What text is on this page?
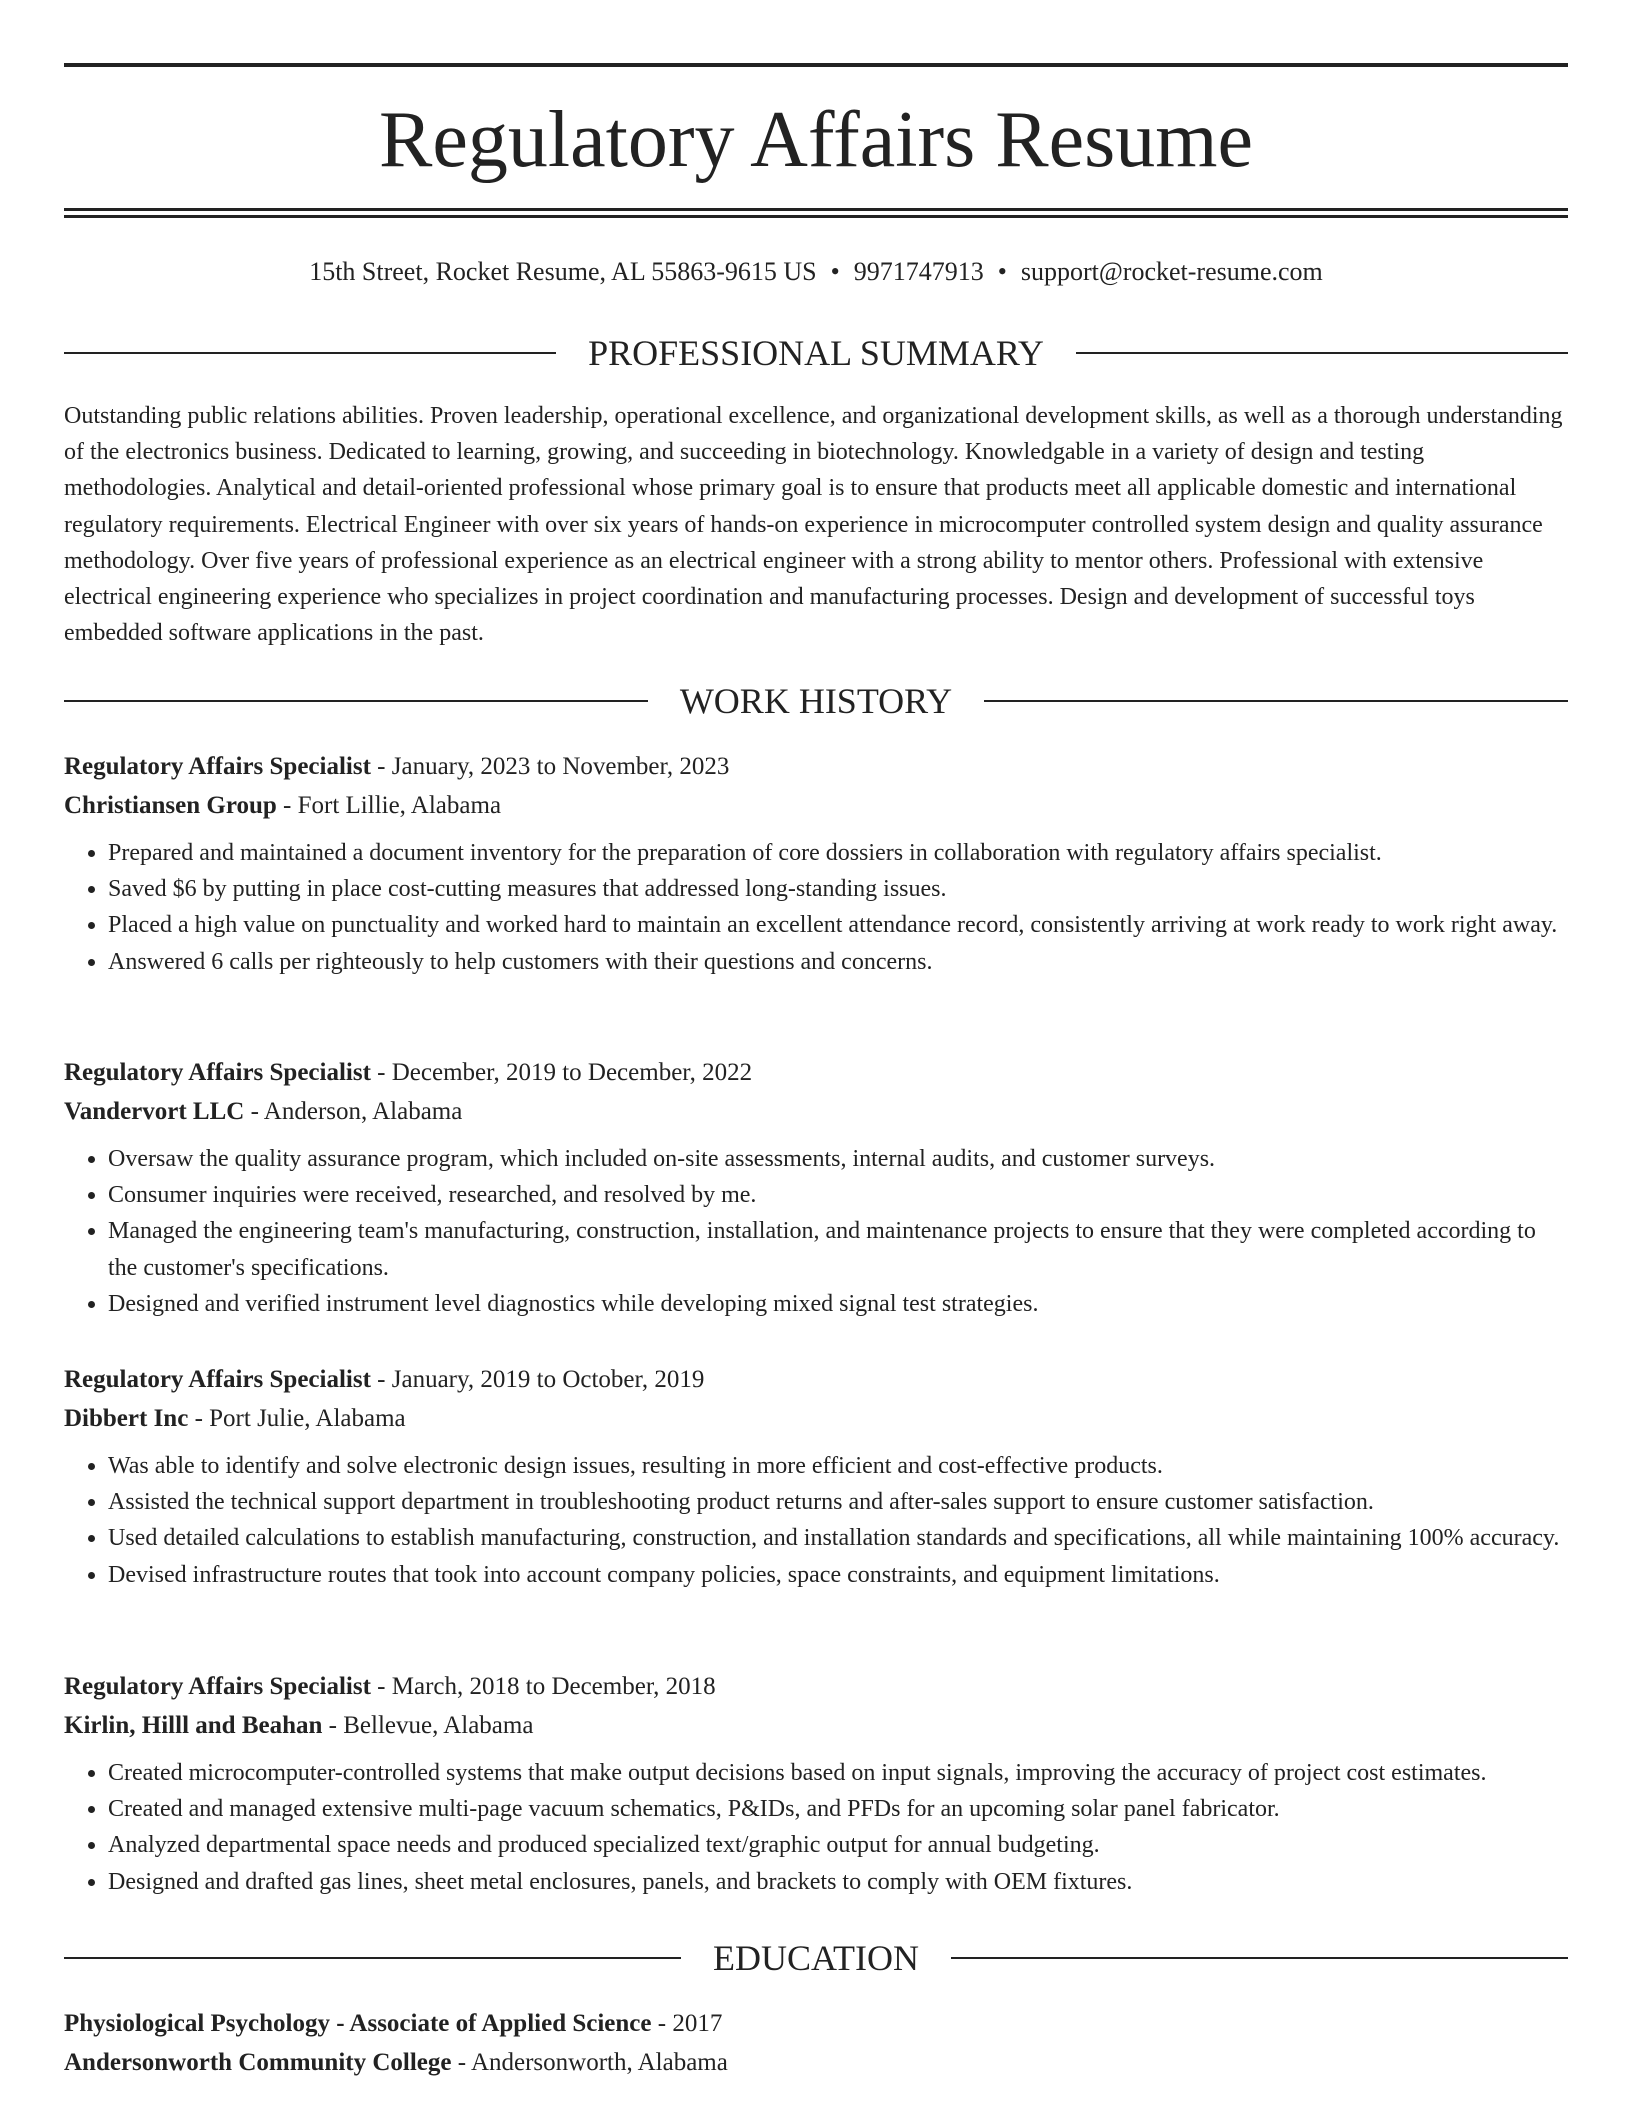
Regulatory Affairs Resume
15th Street, Rocket Resume, AL 55863-9615 US • 9971747913 • support@rocket-resume.com
PROFESSIONAL SUMMARY

Outstanding public relations abilities. Proven leadership, operational excellence, and organizational development skills, as well as a thorough understanding of the electronics business. Dedicated to learning, growing, and succeeding in biotechnology. Knowledgable in a variety of design and testing methodologies. Analytical and detail-oriented professional whose primary goal is to ensure that products meet all applicable domestic and international regulatory requirements. Electrical Engineer with over six years of hands-on experience in microcomputer controlled system design and quality assurance methodology. Over five years of professional experience as an electrical engineer with a strong ability to mentor others. Professional with extensive electrical engineering experience who specializes in project coordination and manufacturing processes. Design and development of successful toys embedded software applications in the past.

WORK HISTORY
Regulatory Affairs Specialist - January, 2023 to November, 2023
Christiansen Group - Fort Lillie, Alabama
• Prepared and maintained a document inventory for the preparation of core dossiers in collaboration with regulatory affairs specialist.
• Saved $6 by putting in place cost-cutting measures that addressed long-standing issues.
• Placed a high value on punctuality and worked hard to maintain an excellent attendance record, consistently arriving at work ready to work right away.
• Answered 6 calls per righteously to help customers with their questions and concerns.
Regulatory Affairs Specialist - December, 2019 to December, 2022
Vandervort LLC - Anderson, Alabama
• Oversaw the quality assurance program, which included on-site assessments, internal audits, and customer surveys.
• Consumer inquiries were received, researched, and resolved by me.
• Managed the engineering team's manufacturing, construction, installation, and maintenance projects to ensure that they were completed according to the customer's specifications.
• Designed and verified instrument level diagnostics while developing mixed signal test strategies.
Regulatory Affairs Specialist - January, 2019 to October, 2019
Dibbert Inc - Port Julie, Alabama
• Was able to identify and solve electronic design issues, resulting in more efficient and cost-effective products.
• Assisted the technical support department in troubleshooting product returns and after-sales support to ensure customer satisfaction.
• Used detailed calculations to establish manufacturing, construction, and installation standards and specifications, all while maintaining 100% accuracy.
• Devised infrastructure routes that took into account company policies, space constraints, and equipment limitations.
Regulatory Affairs Specialist - March, 2018 to December, 2018
Kirlin, Hilll and Beahan - Bellevue, Alabama
• Created microcomputer-controlled systems that make output decisions based on input signals, improving the accuracy of project cost estimates.
• Created and managed extensive multi-page vacuum schematics, P&IDs, and PFDs for an upcoming solar panel fabricator.
• Analyzed departmental space needs and produced specialized text/graphic output for annual budgeting.
• Designed and drafted gas lines, sheet metal enclosures, panels, and brackets to comply with OEM fixtures.
EDUCATION
Physiological Psychology - Associate of Applied Science - 2017
Andersonworth Community College - Andersonworth, Alabama
